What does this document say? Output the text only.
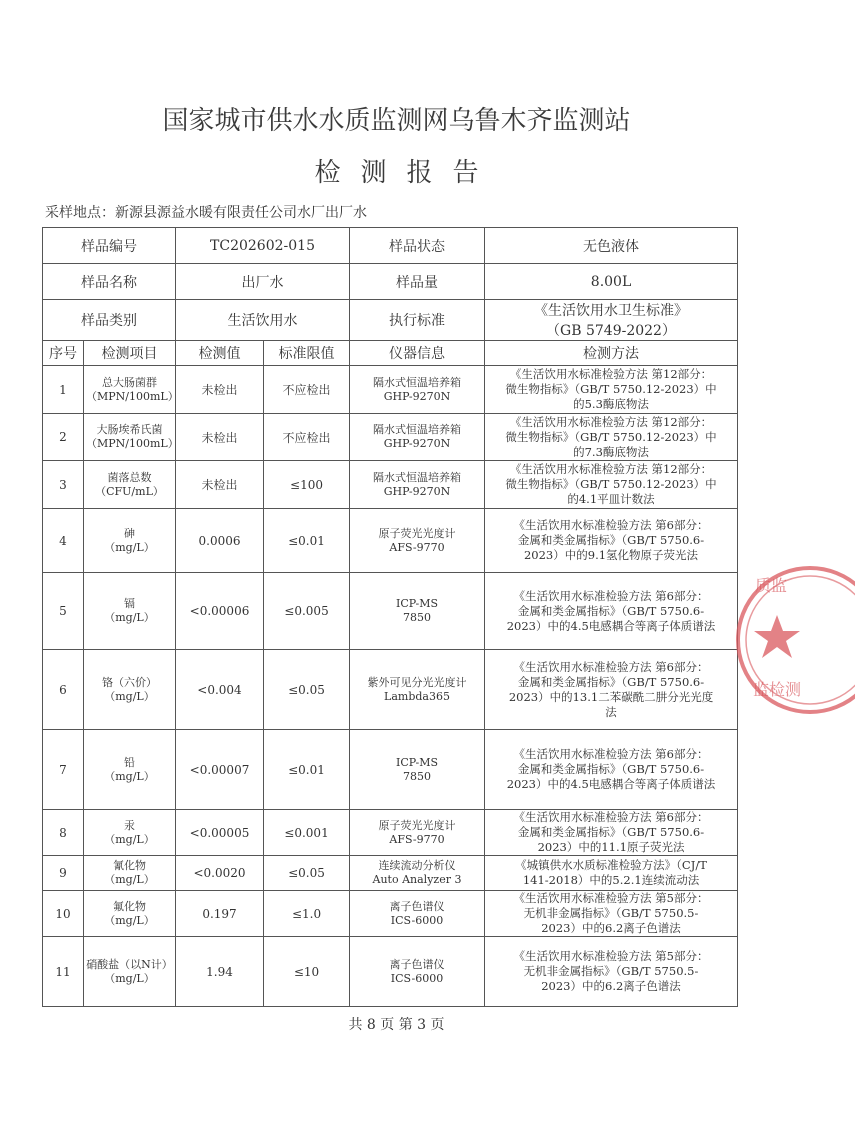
国家城市供水水质监测网乌鲁木齐监测站
检测报告
采样地点：新源县源益水暖有限责任公司水厂出厂水
样品编号		TC202602-015		样品状态	无色液体
样品名称		出厂水		样品量	8.00L
样品类别		生活饮用水		执行标准	《生活饮用水卫生标准》
（GB 5749-2022）

序号	检测项目	检测值	标准限值	仪器信息	检测方法
1	总大肠菌群
（MPN/100mL）	未检出	不应检出	隔水式恒温培养箱
GHP-9270N	《生活饮用水标准检验方法 第12部分：
微生物指标》（GB/T 5750.12-2023）中
的5.3酶底物法

2	大肠埃希氏菌
（MPN/100mL）	未检出	不应检出	隔水式恒温培养箱
GHP-9270N	《生活饮用水标准检验方法 第12部分：
微生物指标》（GB/T 5750.12-2023）中
的7.3酶底物法

3	菌落总数
（CFU/mL）	未检出	≤100	隔水式恒温培养箱
GHP-9270N	《生活饮用水标准检验方法 第12部分：
微生物指标》（GB/T 5750.12-2023）中
的4.1平皿计数法

4	砷
（mg/L）	0.0006	≤0.01	原子荧光光度计
AFS-9770	《生活饮用水标准检验方法 第6部分：
金属和类金属指标》（GB/T 5750.6-
2023）中的9.1氢化物原子荧光法

5	镉
（mg/L）	<0.00006	≤0.005	ICP-MS
7850	《生活饮用水标准检验方法 第6部分：
金属和类金属指标》（GB/T 5750.6-
2023）中的4.5电感耦合等离子体质谱法

6	铬（六价）
（mg/L）	<0.004	≤0.05	紫外可见分光光度计
Lambda365	《生活饮用水标准检验方法 第6部分：
金属和类金属指标》（GB/T 5750.6-
2023）中的13.1二苯碳酰二肼分光光度
法

7	铅
（mg/L）	<0.00007	≤0.01	ICP-MS
7850	《生活饮用水标准检验方法 第6部分：
金属和类金属指标》（GB/T 5750.6-
2023）中的4.5电感耦合等离子体质谱法

8	汞
（mg/L）	<0.00005	≤0.001	原子荧光光度计
AFS-9770	《生活饮用水标准检验方法 第6部分：
金属和类金属指标》（GB/T 5750.6-
2023）中的11.1原子荧光法

9	氰化物
（mg/L）	<0.0020	≤0.05	连续流动分析仪
Auto Analyzer 3	《城镇供水水质标准检验方法》（CJ/T
141-2018）中的5.2.1连续流动法

10	氟化物
（mg/L）	0.197	≤1.0	离子色谱仪
ICS-6000	《生活饮用水标准检验方法 第5部分：
无机非金属指标》（GB/T 5750.5-
2023）中的6.2离子色谱法

11	硝酸盐（以N计）
（mg/L）	1.94	≤10	离子色谱仪
ICS-6000	《生活饮用水标准检验方法 第5部分：
无机非金属指标》（GB/T 5750.5-
2023）中的6.2离子色谱法
共 8 页 第 3 页
质监
监检测
